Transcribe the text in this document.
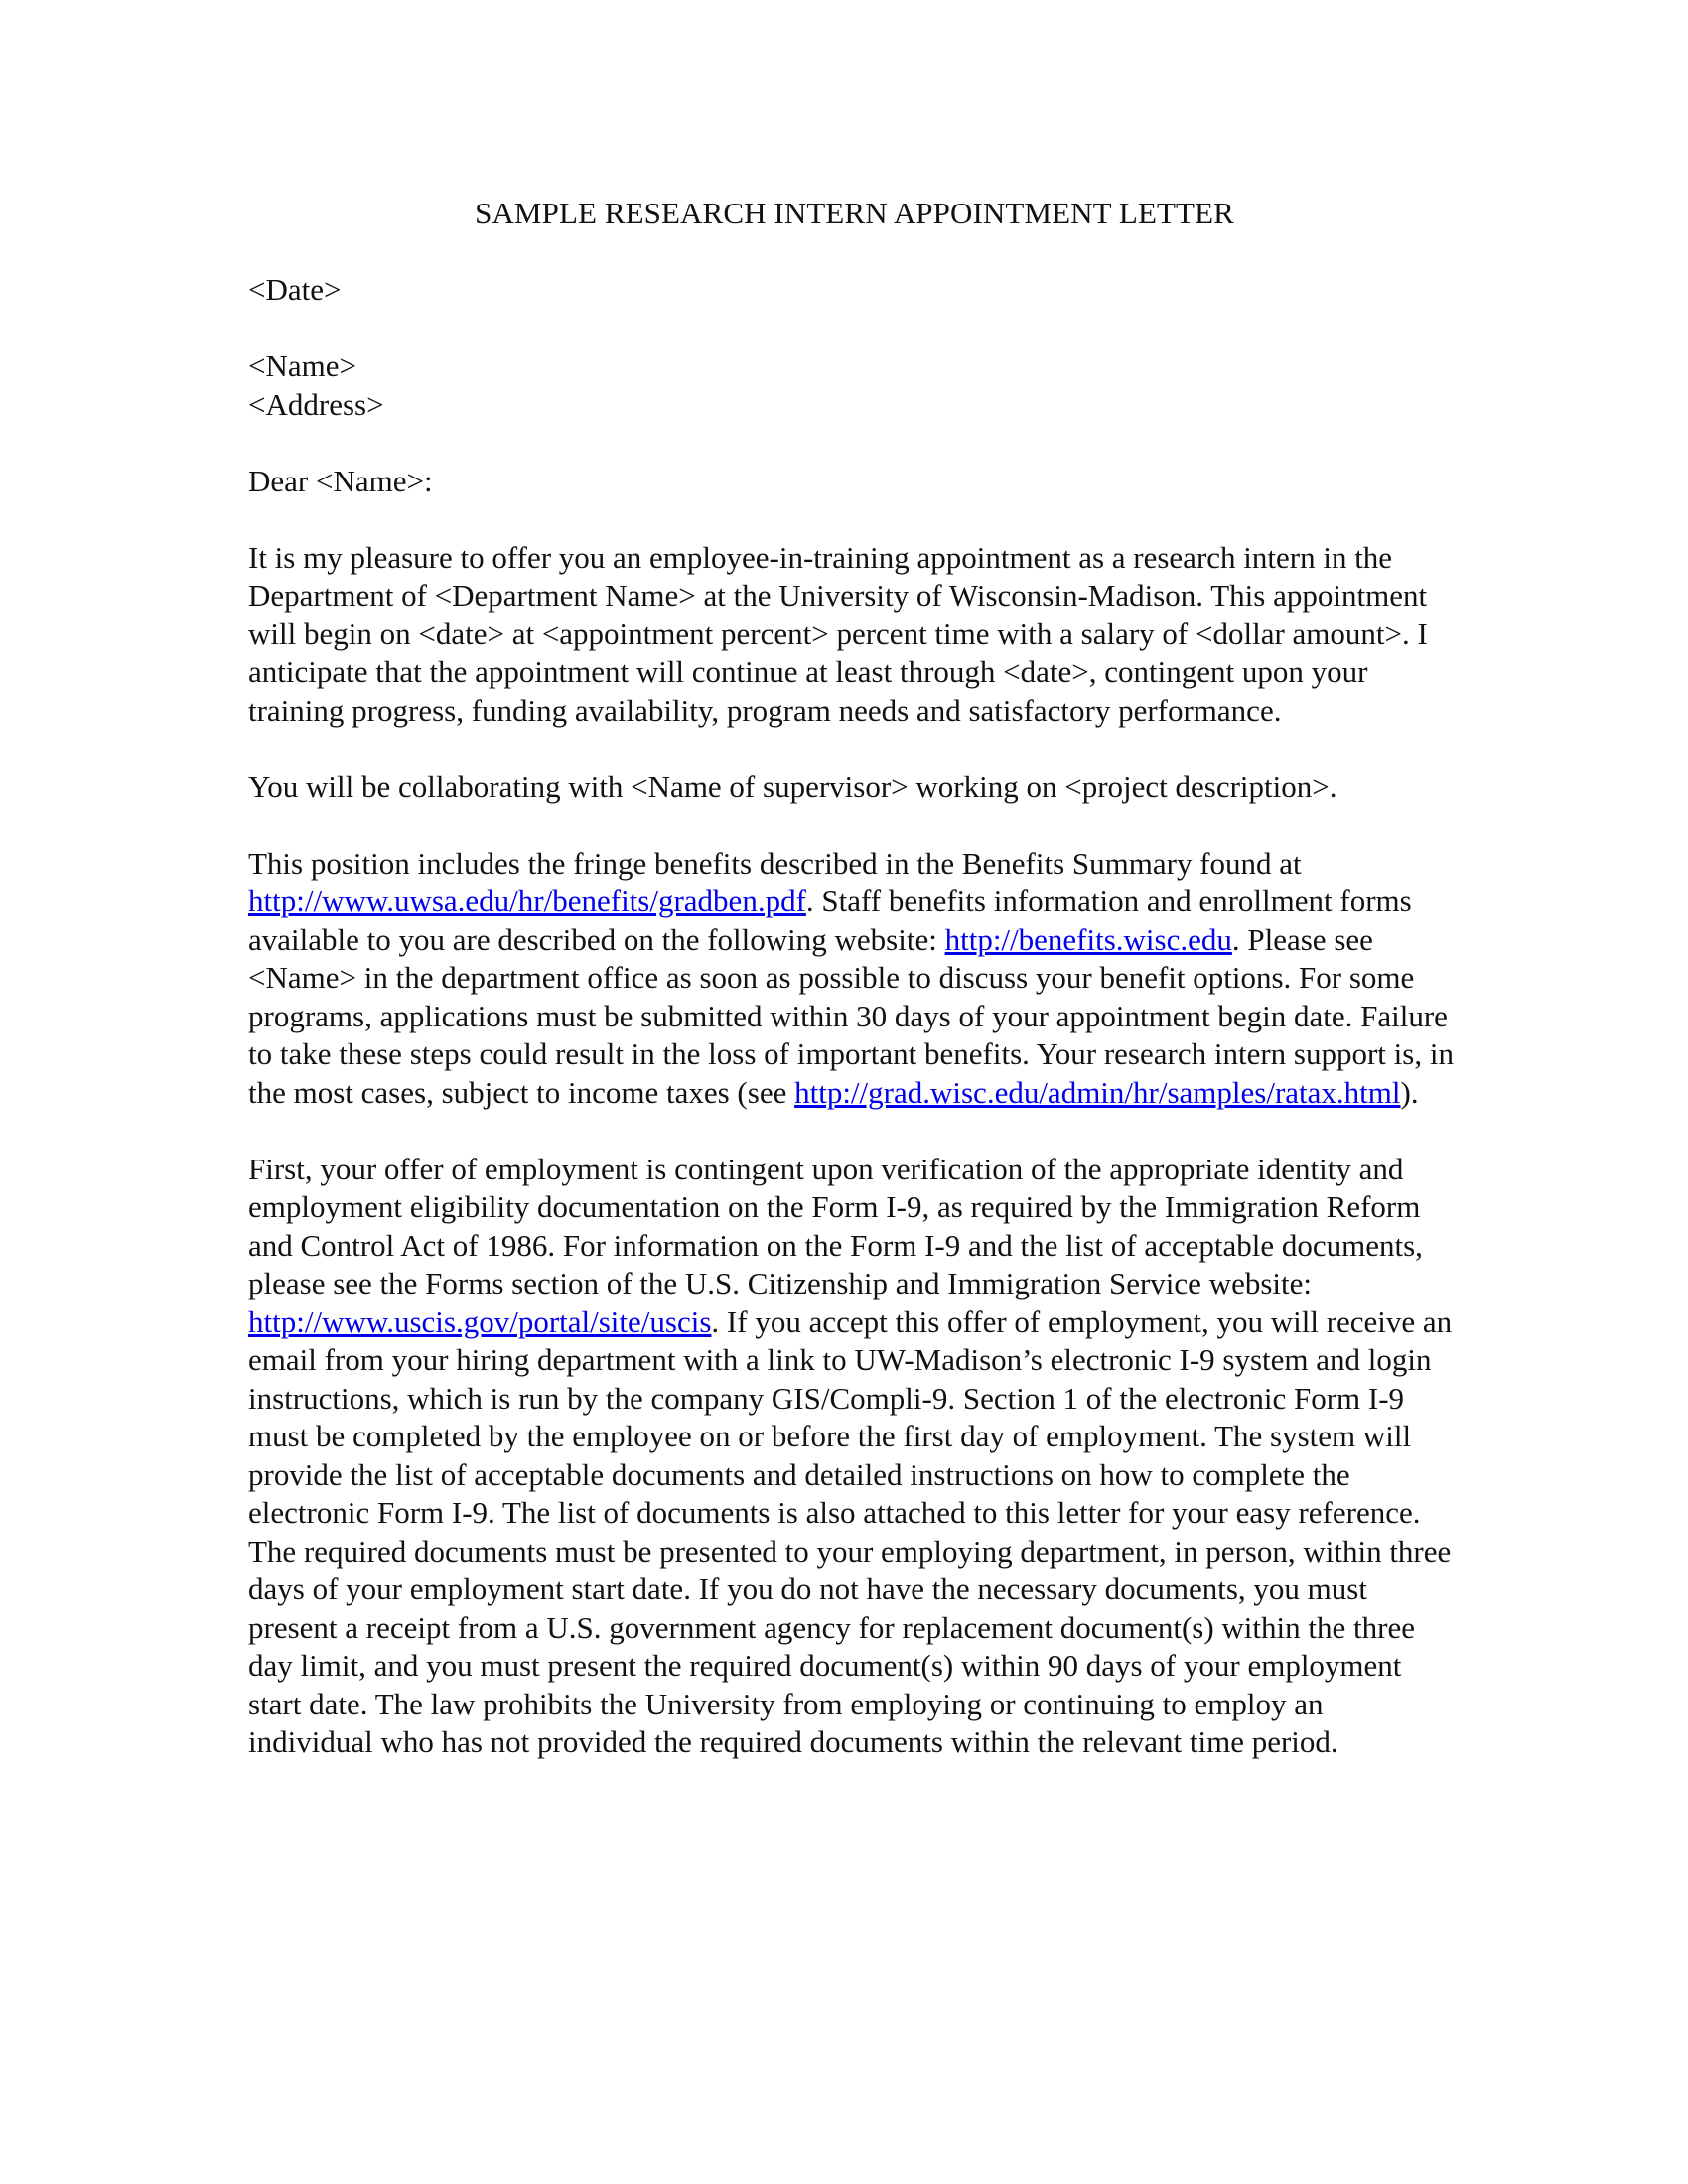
SAMPLE RESEARCH INTERN APPOINTMENT LETTER

<Date>

<Name>

<Address>

Dear <Name>:

It is my pleasure to offer you an employee-in-training appointment as a research intern in the Department of <Department Name> at the University of Wisconsin-Madison. This appointment will begin on <date> at <appointment percent> percent time with a salary of <dollar amount>. I anticipate that the appointment will continue at least through <date>, contingent upon your training progress, funding availability, program needs and satisfactory performance.

You will be collaborating with <Name of supervisor> working on <project description>.

This position includes the fringe benefits described in the Benefits Summary found at http://www.uwsa.edu/hr/benefits/gradben.pdf. Staff benefits information and enrollment forms available to you are described on the following website: http://benefits.wisc.edu. Please see <Name> in the department office as soon as possible to discuss your benefit options. For some programs, applications must be submitted within 30 days of your appointment begin date. Failure to take these steps could result in the loss of important benefits. Your research intern support is, in the most cases, subject to income taxes (see http://grad.wisc.edu/admin/hr/samples/ratax.html).

First, your offer of employment is contingent upon verification of the appropriate identity and employment eligibility documentation on the Form I-9, as required by the Immigration Reform and Control Act of 1986. For information on the Form I-9 and the list of acceptable documents, please see the Forms section of the U.S. Citizenship and Immigration Service website: http://www.uscis.gov/portal/site/uscis. If you accept this offer of employment, you will receive an email from your hiring department with a link to UW-Madison’s electronic I-9 system and login instructions, which is run by the company GIS/Compli-9. Section 1 of the electronic Form I-9 must be completed by the employee on or before the first day of employment. The system will provide the list of acceptable documents and detailed instructions on how to complete the electronic Form I-9. The list of documents is also attached to this letter for your easy reference. The required documents must be presented to your employing department, in person, within three days of your employment start date. If you do not have the necessary documents, you must present a receipt from a U.S. government agency for replacement document(s) within the three day limit, and you must present the required document(s) within 90 days of your employment start date. The law prohibits the University from employing or continuing to employ an individual who has not provided the required documents within the relevant time period.
